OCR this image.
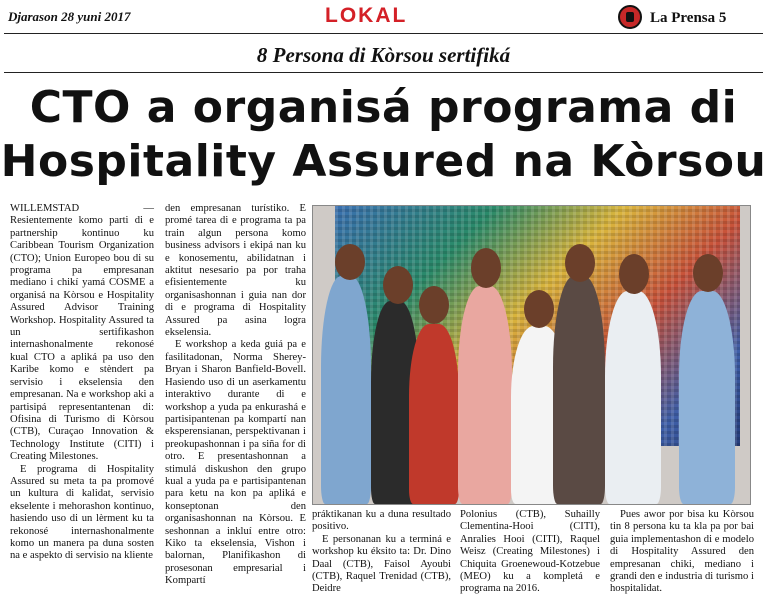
Djarason 28 yuni 2017	LOKAL	La Prensa 5
8 Persona di Kòrsou sertifiká
CTO a organisá programa di
Hospitality Assured na Kòrsou

WILLEMSTAD — Resientemente komo parti di e partnership kontinuo ku Caribbean Tourism Organization (CTO); Union Europeo bou di su programa pa empresanan mediano i chikí yamá COSME a organisá na Kòrsou e Hospitality Assured Advisor Training Workshop. Hospitality Assured ta un sertifikashon internashonalmente rekonosé kual CTO a apliká pa uso den Karibe komo e stèndert pa servisio i ekselensia den empresanan. Na e workshop aki a partisipá representantenan di: Ofisina di Turismo di Kòrsou (CTB), Curaçao Innovation & Technology Institute (CITI) i Creating Milestones.

E programa di Hospitality Assured su meta ta pa promové un kultura di kalidat, servisio ekselente i mehorashon kontinuo, hasiendo uso di un lèrment ku ta rekonosé internashonalmente komo un manera pa duna sosten na e aspekto di servisio na kliente

den empresanan turístiko. E promé tarea di e programa ta pa train algun persona komo business advisors i ekipá nan ku e konosementu, abilidatnan i aktitut nesesario pa por traha efisientemente ku organisashonnan i guia nan dor di e programa di Hospitality Assured pa asina logra ekselensia.

E workshop a keda guiá pa e fasilitadonan, Norma Sherey-Bryan i Sharon Banfield-Bovell. Hasiendo uso di un aserkamentu interaktivo durante di e workshop a yuda pa enkurashá e partisipantenan pa kompartí nan eksperensianan, perspektivanan i preokupashonnan i pa siña for di otro. E presentashonnan a stimulá diskushon den grupo kual a yuda pa e partisipantenan para ketu na kon pa apliká e konseptonan den organisashonnan na Kòrsou. E seshonnan a inkluí entre otro: Kiko ta ekselensia, Vishon i balornan, Planifikashon di prosesonan empresarial i Kompartí

práktikanan ku a duna resultado positivo.

E personanan ku a terminá e workshop ku éksito ta: Dr. Dino Daal (CTB), Faisol Ayoubi (CTB), Raquel Trenidad (CTB), Deidre

Polonius (CTB), Suhailly Clementina-Hooi (CITI), Anralies Hooi (CITI), Raquel Weisz (Creating Milestones) i Chiquita Groenewoud-Kotzebue (MEO) ku a kompletá e programa na 2016.

Pues awor por bisa ku Kòrsou tin 8 persona ku ta kla pa por bai guia implementashon di e modelo di Hospitality Assured den empresanan chiki, mediano i grandi den e industria di turismo i hospitalidat.
